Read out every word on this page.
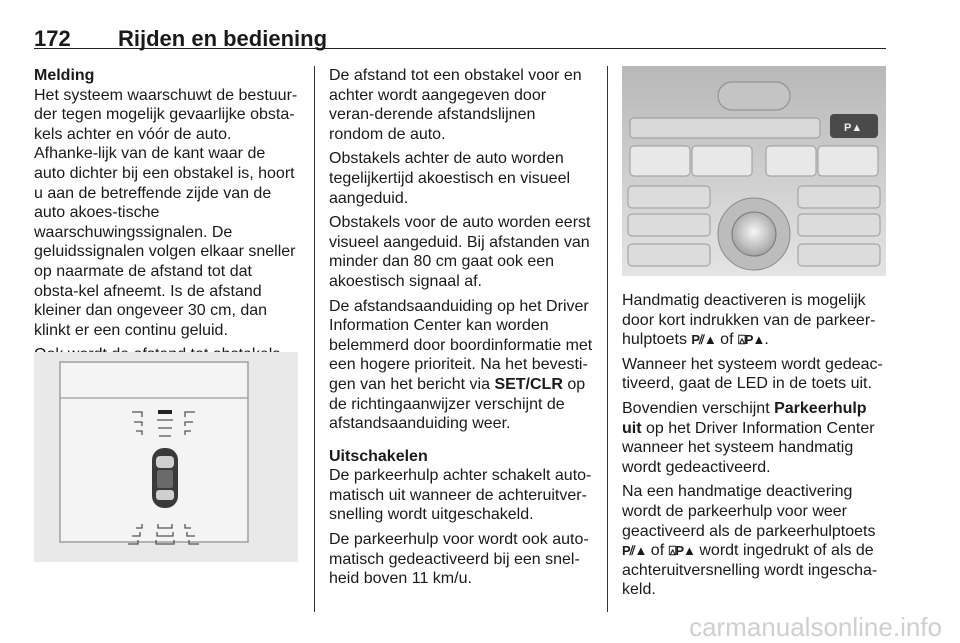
172 Rijden en bediening
Melding

Het systeem waarschuwt de bestuur-der tegen mogelijk gevaarlijke obsta-kels achter en vóór de auto. Afhanke-lijk van de kant waar de auto dichter bij een obstakel is, hoort u aan de betreffende zijde van de auto akoes-tische waarschuwingssignalen. De geluidssignalen volgen elkaar sneller op naarmate de afstand tot dat obsta-kel afneemt. Is de afstand kleiner dan ongeveer 30 cm, dan klinkt er een continu geluid.

De afstand tot een obstakel voor en achter wordt aangegeven door veran-derende afstandslijnen rondom de auto.

Obstakels achter de auto worden tegelijkertijd akoestisch en visueel aangeduid.

Obstakels voor de auto worden eerst visueel aangeduid. Bij afstanden van minder dan 80 cm gaat ook een akoestisch signaal af.

De afstandsaanduiding op het Driver Information Center kan worden belemmerd door boordinformatie met een hogere prioriteit. Na het bevesti-gen van het bericht via SET/CLR op de richtingaanwijzer verschijnt de afstandsaanduiding weer.

Uitschakelen

De parkeerhulp achter schakelt auto-matisch uit wanneer de achteruitver-snelling wordt uitgeschakeld.

De parkeerhulp voor wordt ook auto-matisch gedeactiveerd bij een snel-heid boven 11 km/u.

P▲

Handmatig deactiveren is mogelijk door kort indrukken van de parkeer-hulptoets P⫽▲ of ⍓P▲.

Wanneer het systeem wordt gedeac-tiveerd, gaat de LED in de toets uit.

Bovendien verschijnt Parkeerhulp uit op het Driver Information Center wanneer het systeem handmatig wordt gedeactiveerd.

Na een handmatige deactivering wordt de parkeerhulp voor weer geactiveerd als de parkeerhulptoets P⫽▲ of ⍓P▲ wordt ingedrukt of als de achteruitversnelling wordt ingescha-keld.

carmanualsonline.info
